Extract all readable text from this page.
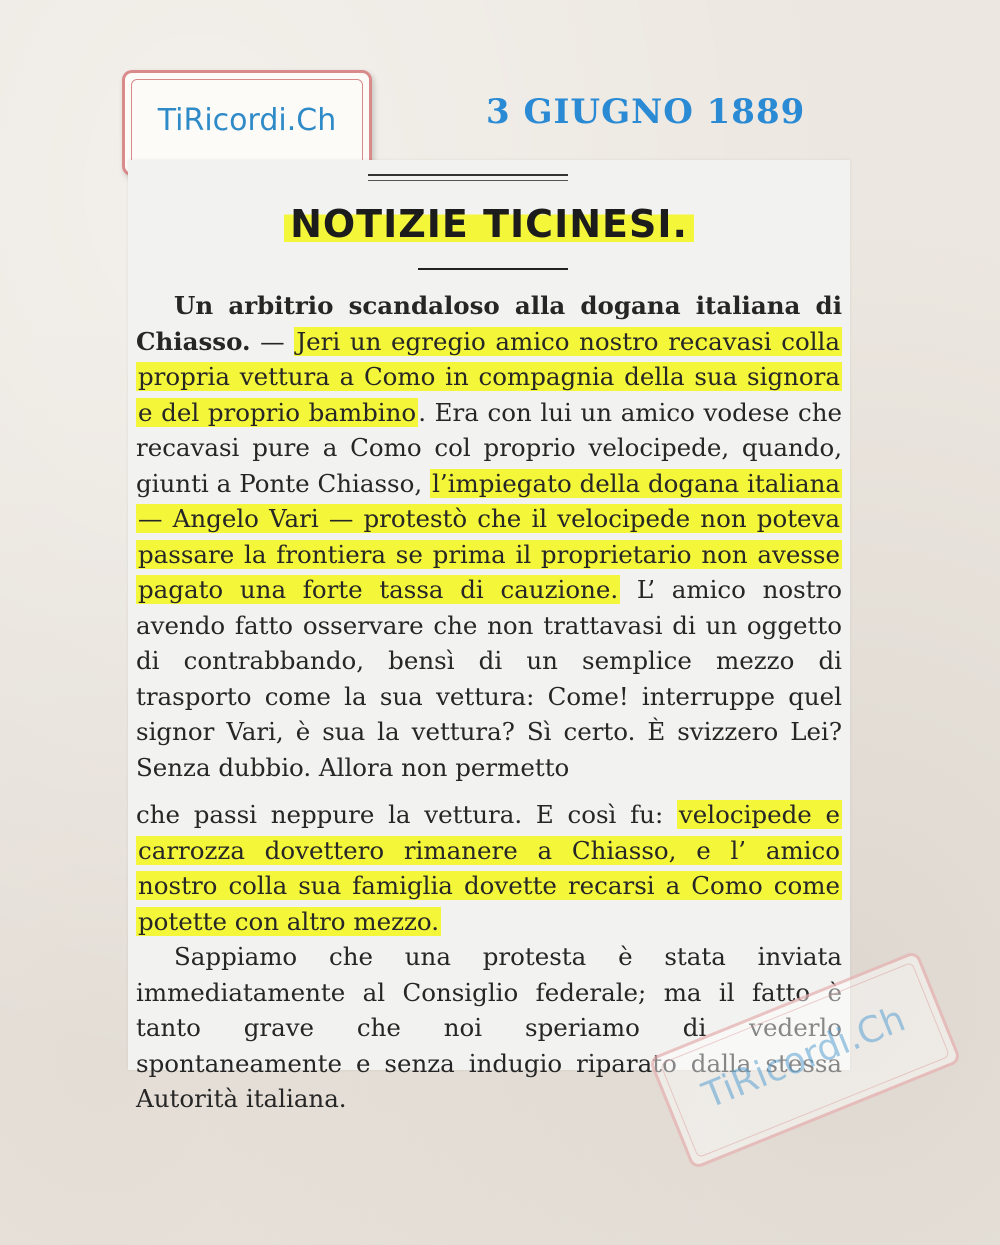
TiRicordi.Ch	3 GIUGNO 1889
NOTIZIE TICINESI.

Un arbitrio scandaloso alla dogana italiana di Chiasso. — Jeri un egregio amico nostro recavasi colla propria vettura a Como in compagnia della sua signora e del proprio bambino. Era con lui un amico vodese che recavasi pure a Como col proprio velocipede, quando, giunti a Ponte Chiasso, l’impiegato della dogana italiana — Angelo Vari — protestò che il velocipede non poteva passare la frontiera se prima il proprietario non avesse pagato una forte tassa di cauzione. L’ amico nostro avendo fatto osservare che non trattavasi di un oggetto di contrabbando, bensì di un semplice mezzo di trasporto come la sua vettura: Come! interruppe quel signor Vari, è sua la vettura? Sì certo. È svizzero Lei? Senza dubbio. Allora non permetto

che passi neppure la vettura. E così fu: velocipede e carrozza dovettero rimanere a Chiasso, e l’ amico nostro colla sua famiglia dovette recarsi a Como come potette con altro mezzo.

Sappiamo che una protesta è stata inviata immediatamente al Consiglio federale; ma il fatto è tanto grave che noi speriamo di vederlo spontaneamente e senza indugio riparato dalla stessa Autorità italiana.	TiRicordi.Ch
